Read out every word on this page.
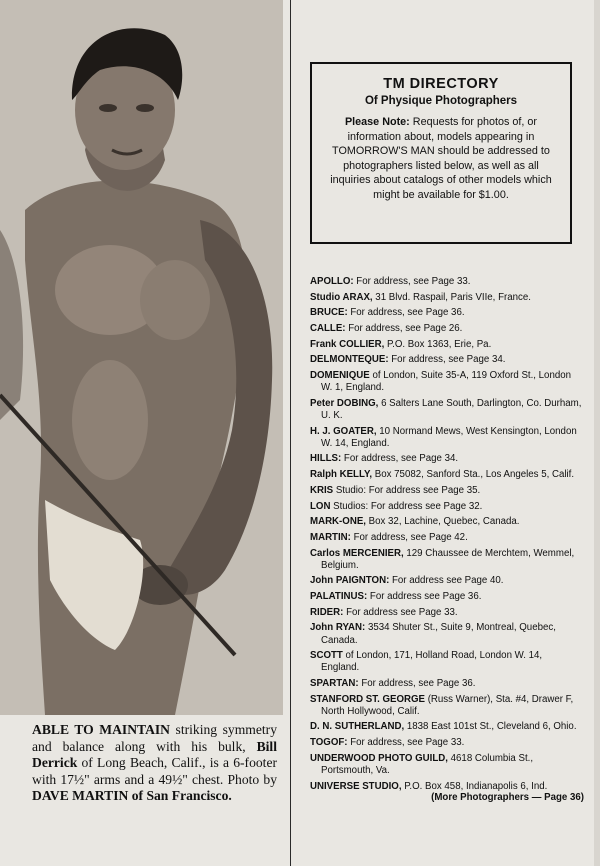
ABLE TO MAINTAIN striking symmetry and balance along with his bulk, Bill Derrick of Long Beach, Calif., is a 6-footer with 17½" arms and a 49½" chest. Photo by DAVE MARTIN of San Francisco.

TM DIRECTORY

Of Physique Photographers

Please Note: Requests for photos of, or information about, models appearing in TOMORROW'S MAN should be addressed to photographers listed below, as well as all inquiries about catalogs of other models which might be available for $1.00.
APOLLO: For address, see Page 33.
Studio ARAX, 31 Blvd. Raspail, Paris VIIe, France.
BRUCE: For address, see Page 36.
CALLE: For address, see Page 26.
Frank COLLIER, P.O. Box 1363, Erie, Pa.
DELMONTEQUE: For address, see Page 34.
DOMENIQUE of London, Suite 35-A, 119 Oxford St., London W. 1, England.
Peter DOBING, 6 Salters Lane South, Darlington, Co. Durham, U. K.
H. J. GOATER, 10 Normand Mews, West Kensington, London W. 14, England.
HILLS: For address, see Page 34.
Ralph KELLY, Box 75082, Sanford Sta., Los Angeles 5, Calif.
KRIS Studio: For address see Page 35.
LON Studios: For address see Page 32.
MARK-ONE, Box 32, Lachine, Quebec, Canada.
MARTIN: For address, see Page 42.
Carlos MERCENIER, 129 Chaussee de Merchtem, Wemmel, Belgium.
John PAIGNTON: For address see Page 40.
PALATINUS: For address see Page 36.
RIDER: For address see Page 33.
John RYAN: 3534 Shuter St., Suite 9, Montreal, Quebec, Canada.
SCOTT of London, 171, Holland Road, London W. 14, England.
SPARTAN: For address, see Page 36.
STANFORD ST. GEORGE (Russ Warner), Sta. #4, Drawer F, North Hollywood, Calif.
D. N. SUTHERLAND, 1838 East 101st St., Cleveland 6, Ohio.
TOGOF: For address, see Page 33.
UNDERWOOD PHOTO GUILD, 4618 Columbia St., Portsmouth, Va.
UNIVERSE STUDIO, P.O. Box 458, Indianapolis 6, Ind.
(More Photographers — Page 36)
